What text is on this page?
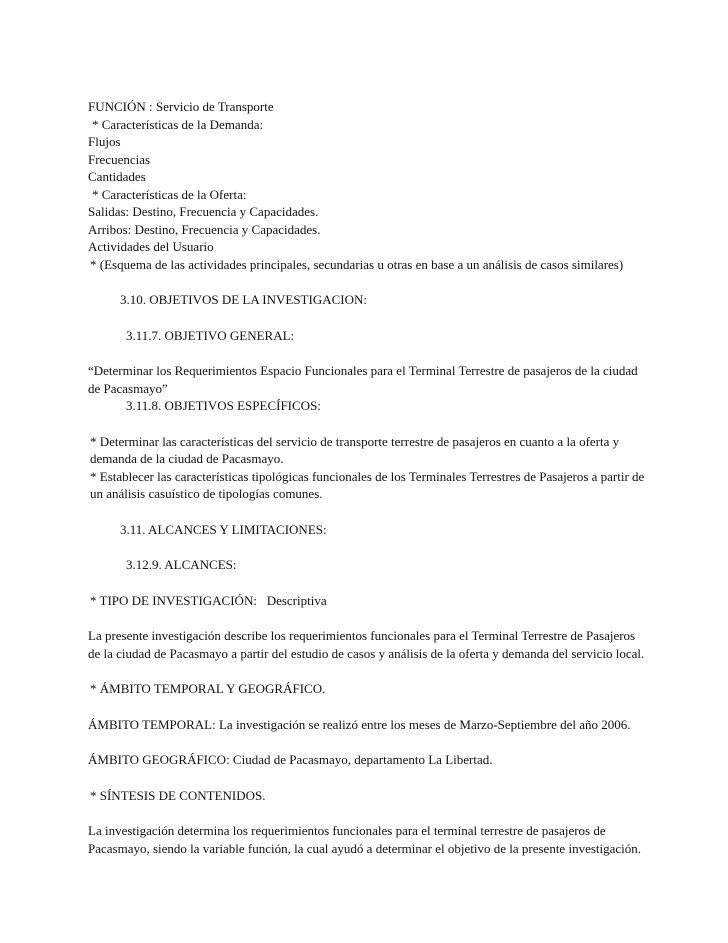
FUNCIÓN : Servicio de Transporte
* Características de la Demanda:
Flujos
Frecuencias
Cantidades
* Características de la Oferta:
Salidas: Destino, Frecuencia y Capacidades.
Arribos: Destino, Frecuencia y Capacidades.
Actividades del Usuario
* (Esquema de las actividades principales, secundarias u otras en base a un análisis de casos similares)
3.10. OBJETIVOS DE LA INVESTIGACION:
3.11.7. OBJETIVO GENERAL:
“Determinar los Requerimientos Espacio Funcionales para el Terminal Terrestre de pasajeros de la ciudad de Pacasmayo”
3.11.8. OBJETIVOS ESPECÍFICOS:
* Determinar las características del servicio de transporte terrestre de pasajeros en cuanto a la oferta y demanda de la ciudad de Pacasmayo.
* Establecer las características tipológicas funcionales de los Terminales Terrestres de Pasajeros a partir de un análisis casuístico de tipologías comunes.
3.11. ALCANCES Y LIMITACIONES:
3.12.9. ALCANCES:
* TIPO DE INVESTIGACIÓN:   Descriptiva
La presente investigación describe los requerimientos funcionales para el Terminal Terrestre de Pasajeros de la ciudad de Pacasmayo a partir del estudio de casos y análisis de la oferta y demanda del servicio local.
* ÁMBITO TEMPORAL Y GEOGRÁFICO.
ÁMBITO TEMPORAL: La investigación se realizó entre los meses de Marzo-Septiembre del año 2006.
ÁMBITO GEOGRÁFICO: Ciudad de Pacasmayo, departamento La Libertad.
* SÍNTESIS DE CONTENIDOS.
La investigación determina los requerimientos funcionales para el terminal terrestre de pasajeros de Pacasmayo, siendo la variable función, la cual ayudó a determinar el objetivo de la presente investigación.
